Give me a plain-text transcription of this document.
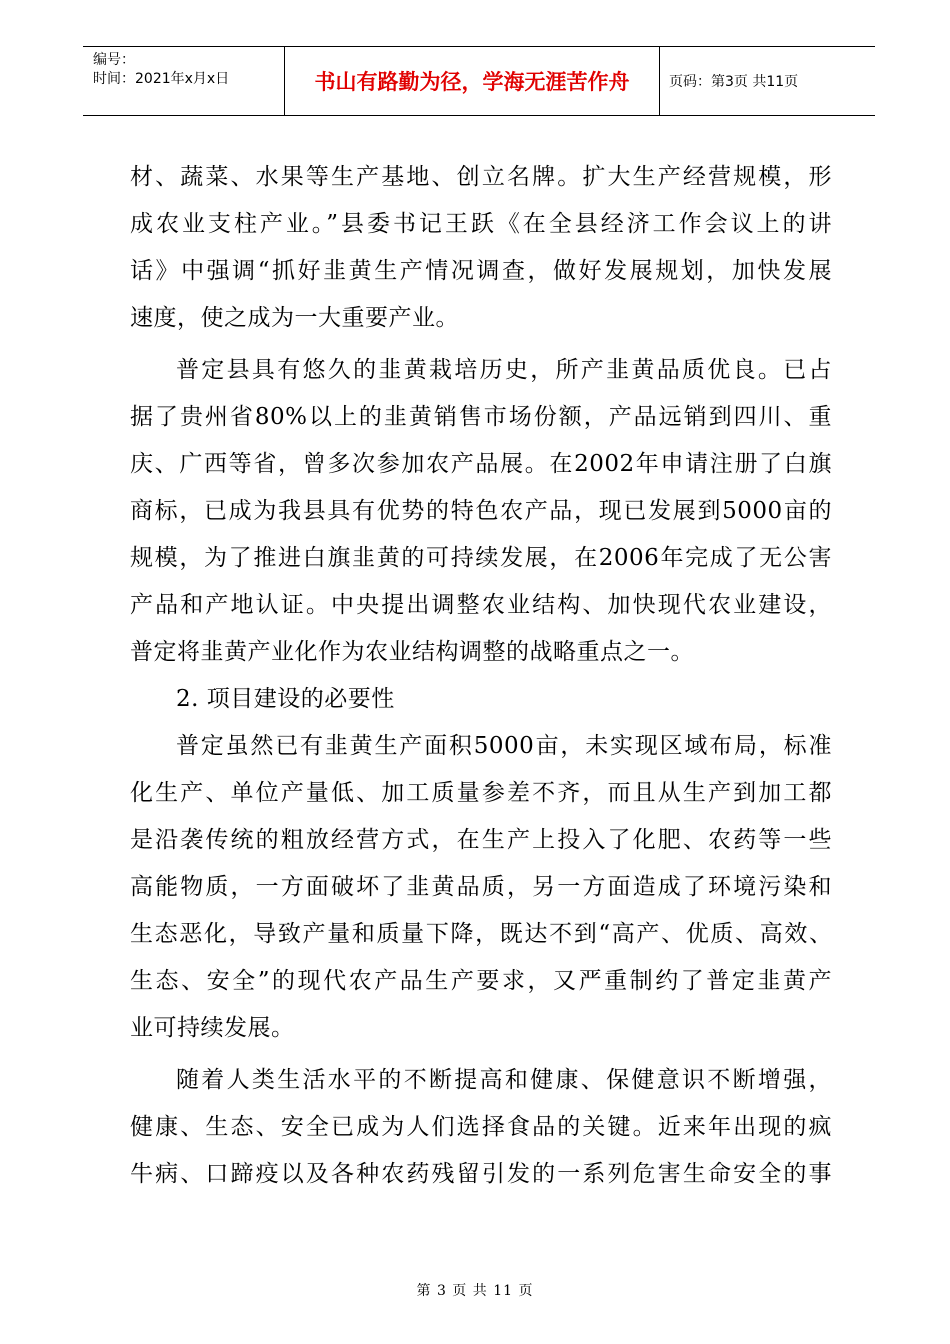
编号：
时间：2021年x月x日	书山有路勤为径，学海无涯苦作舟	页码：第3页 共11页
材、蔬菜、水果等生产基地、创立名牌。扩大生产经营规模，形
成农业支柱产业。”县委书记王跃《在全县经济工作会议上的讲
话》中强调“抓好韭黄生产情况调查，做好发展规划，加快发展
速度，使之成为一大重要产业。
普定县具有悠久的韭黄栽培历史，所产韭黄品质优良。已占
据了贵州省80%以上的韭黄销售市场份额，产品远销到四川、重
庆、广西等省，曾多次参加农产品展。在2002年申请注册了白旗
商标，已成为我县具有优势的特色农产品，现已发展到5000亩的
规模，为了推进白旗韭黄的可持续发展，在2006年完成了无公害
产品和产地认证。中央提出调整农业结构、加快现代农业建设，
普定将韭黄产业化作为农业结构调整的战略重点之一。
2. 项目建设的必要性
普定虽然已有韭黄生产面积5000亩，未实现区域布局，标准
化生产、单位产量低、加工质量参差不齐，而且从生产到加工都
是沿袭传统的粗放经营方式，在生产上投入了化肥、农药等一些
高能物质，一方面破坏了韭黄品质，另一方面造成了环境污染和
生态恶化，导致产量和质量下降，既达不到“高产、优质、高效、
生态、安全”的现代农产品生产要求，又严重制约了普定韭黄产
业可持续发展。
随着人类生活水平的不断提高和健康、保健意识不断增强，
健康、生态、安全已成为人们选择食品的关键。近来年出现的疯
牛病、口蹄疫以及各种农药残留引发的一系列危害生命安全的事
第 3 页 共 11 页
